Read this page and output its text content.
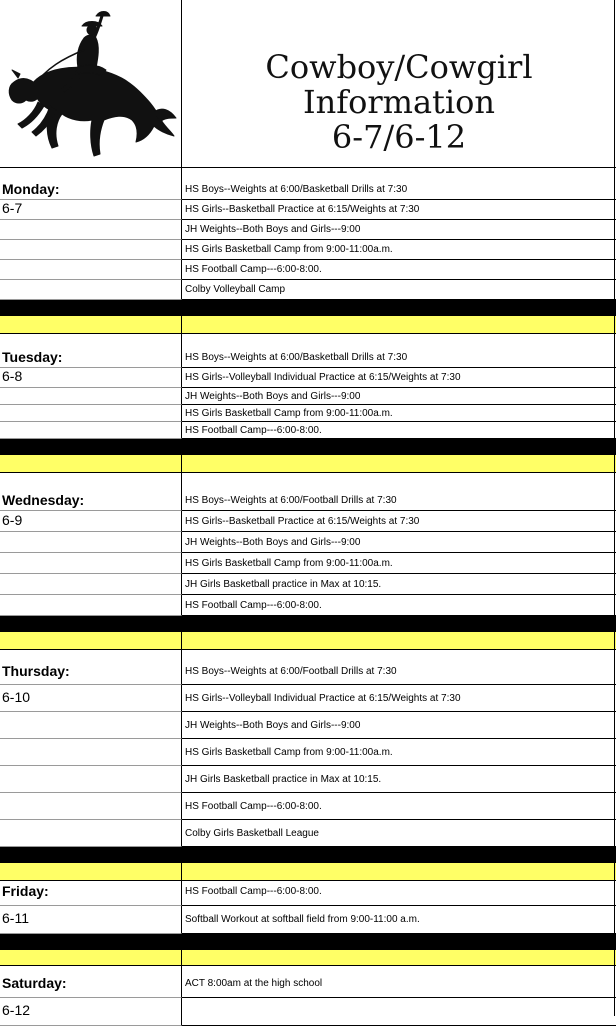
Cowboy/Cowgirl
Information
6-7/6-12
Monday:	HS Boys--Weights at 6:00/Basketball Drills at 7:30
6-7	HS Girls--Basketball Practice at 6:15/Weights at 7:30
JH Weights--Both Boys and Girls---9:00
HS Girls Basketball Camp from 9:00-11:00a.m.
HS Football Camp---6:00-8:00.
Colby Volleyball Camp
Tuesday:	HS Boys--Weights at 6:00/Basketball Drills at 7:30
6-8	HS Girls--Volleyball Individual Practice at 6:15/Weights at 7:30
JH Weights--Both Boys and Girls---9:00
HS Girls Basketball Camp from 9:00-11:00a.m.
HS Football Camp---6:00-8:00.
Wednesday:	HS Boys--Weights at 6:00/Football Drills at 7:30
6-9	HS Girls--Basketball Practice at 6:15/Weights at 7:30
JH Weights--Both Boys and Girls---9:00
HS Girls Basketball Camp from 9:00-11:00a.m.
JH Girls Basketball practice in Max at 10:15.
HS Football Camp---6:00-8:00.
Thursday:	HS Boys--Weights at 6:00/Football Drills at 7:30
6-10	HS Girls--Volleyball Individual Practice at 6:15/Weights at 7:30
JH Weights--Both Boys and Girls---9:00
HS Girls Basketball Camp from 9:00-11:00a.m.
JH Girls Basketball practice in Max at 10:15.
HS Football Camp---6:00-8:00.
Colby Girls Basketball League
Friday:	HS Football Camp---6:00-8:00.
6-11	Softball Workout at softball field from 9:00-11:00 a.m.
Saturday:	ACT 8:00am at the high school
6-12
